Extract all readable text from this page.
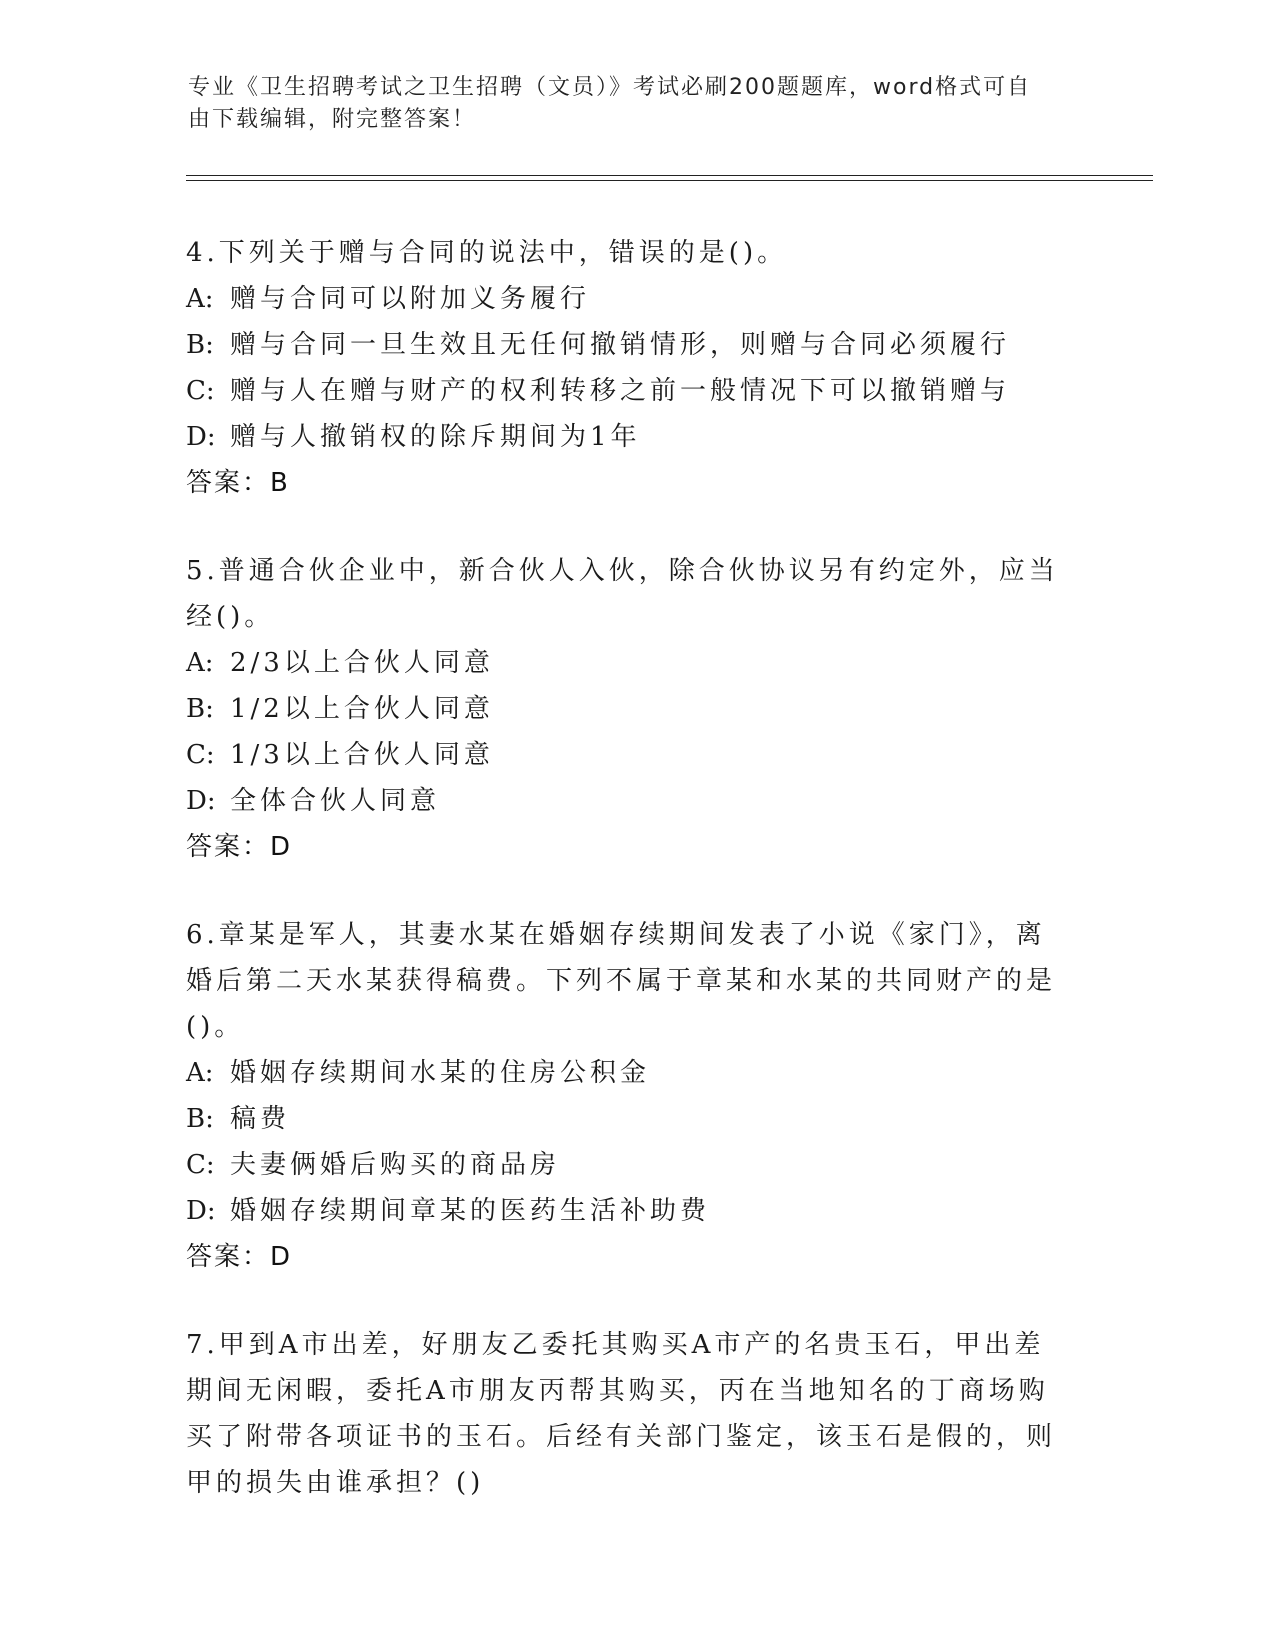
专业《卫生招聘考试之卫生招聘（文员）》考试必刷200题题库，word格式可自
由下载编辑，附完整答案！
4.下列关于赠与合同的说法中，错误的是()。
A: 赠与合同可以附加义务履行
B: 赠与合同一旦生效且无任何撤销情形，则赠与合同必须履行
C: 赠与人在赠与财产的权利转移之前一般情况下可以撤销赠与
D: 赠与人撤销权的除斥期间为1年
答案：B
5.普通合伙企业中，新合伙人入伙，除合伙协议另有约定外，应当经()。
A: 2/3以上合伙人同意
B: 1/2以上合伙人同意
C: 1/3以上合伙人同意
D: 全体合伙人同意
答案：D
6.章某是军人，其妻水某在婚姻存续期间发表了小说《家门》，离婚后第二天水某获得稿费。下列不属于章某和水某的共同财产的是()。
A: 婚姻存续期间水某的住房公积金
B: 稿费
C: 夫妻俩婚后购买的商品房
D: 婚姻存续期间章某的医药生活补助费
答案：D
7.甲到A市出差，好朋友乙委托其购买A市产的名贵玉石，甲出差期间无闲暇，委托A市朋友丙帮其购买，丙在当地知名的丁商场购买了附带各项证书的玉石。后经有关部门鉴定，该玉石是假的，则甲的损失由谁承担？()
